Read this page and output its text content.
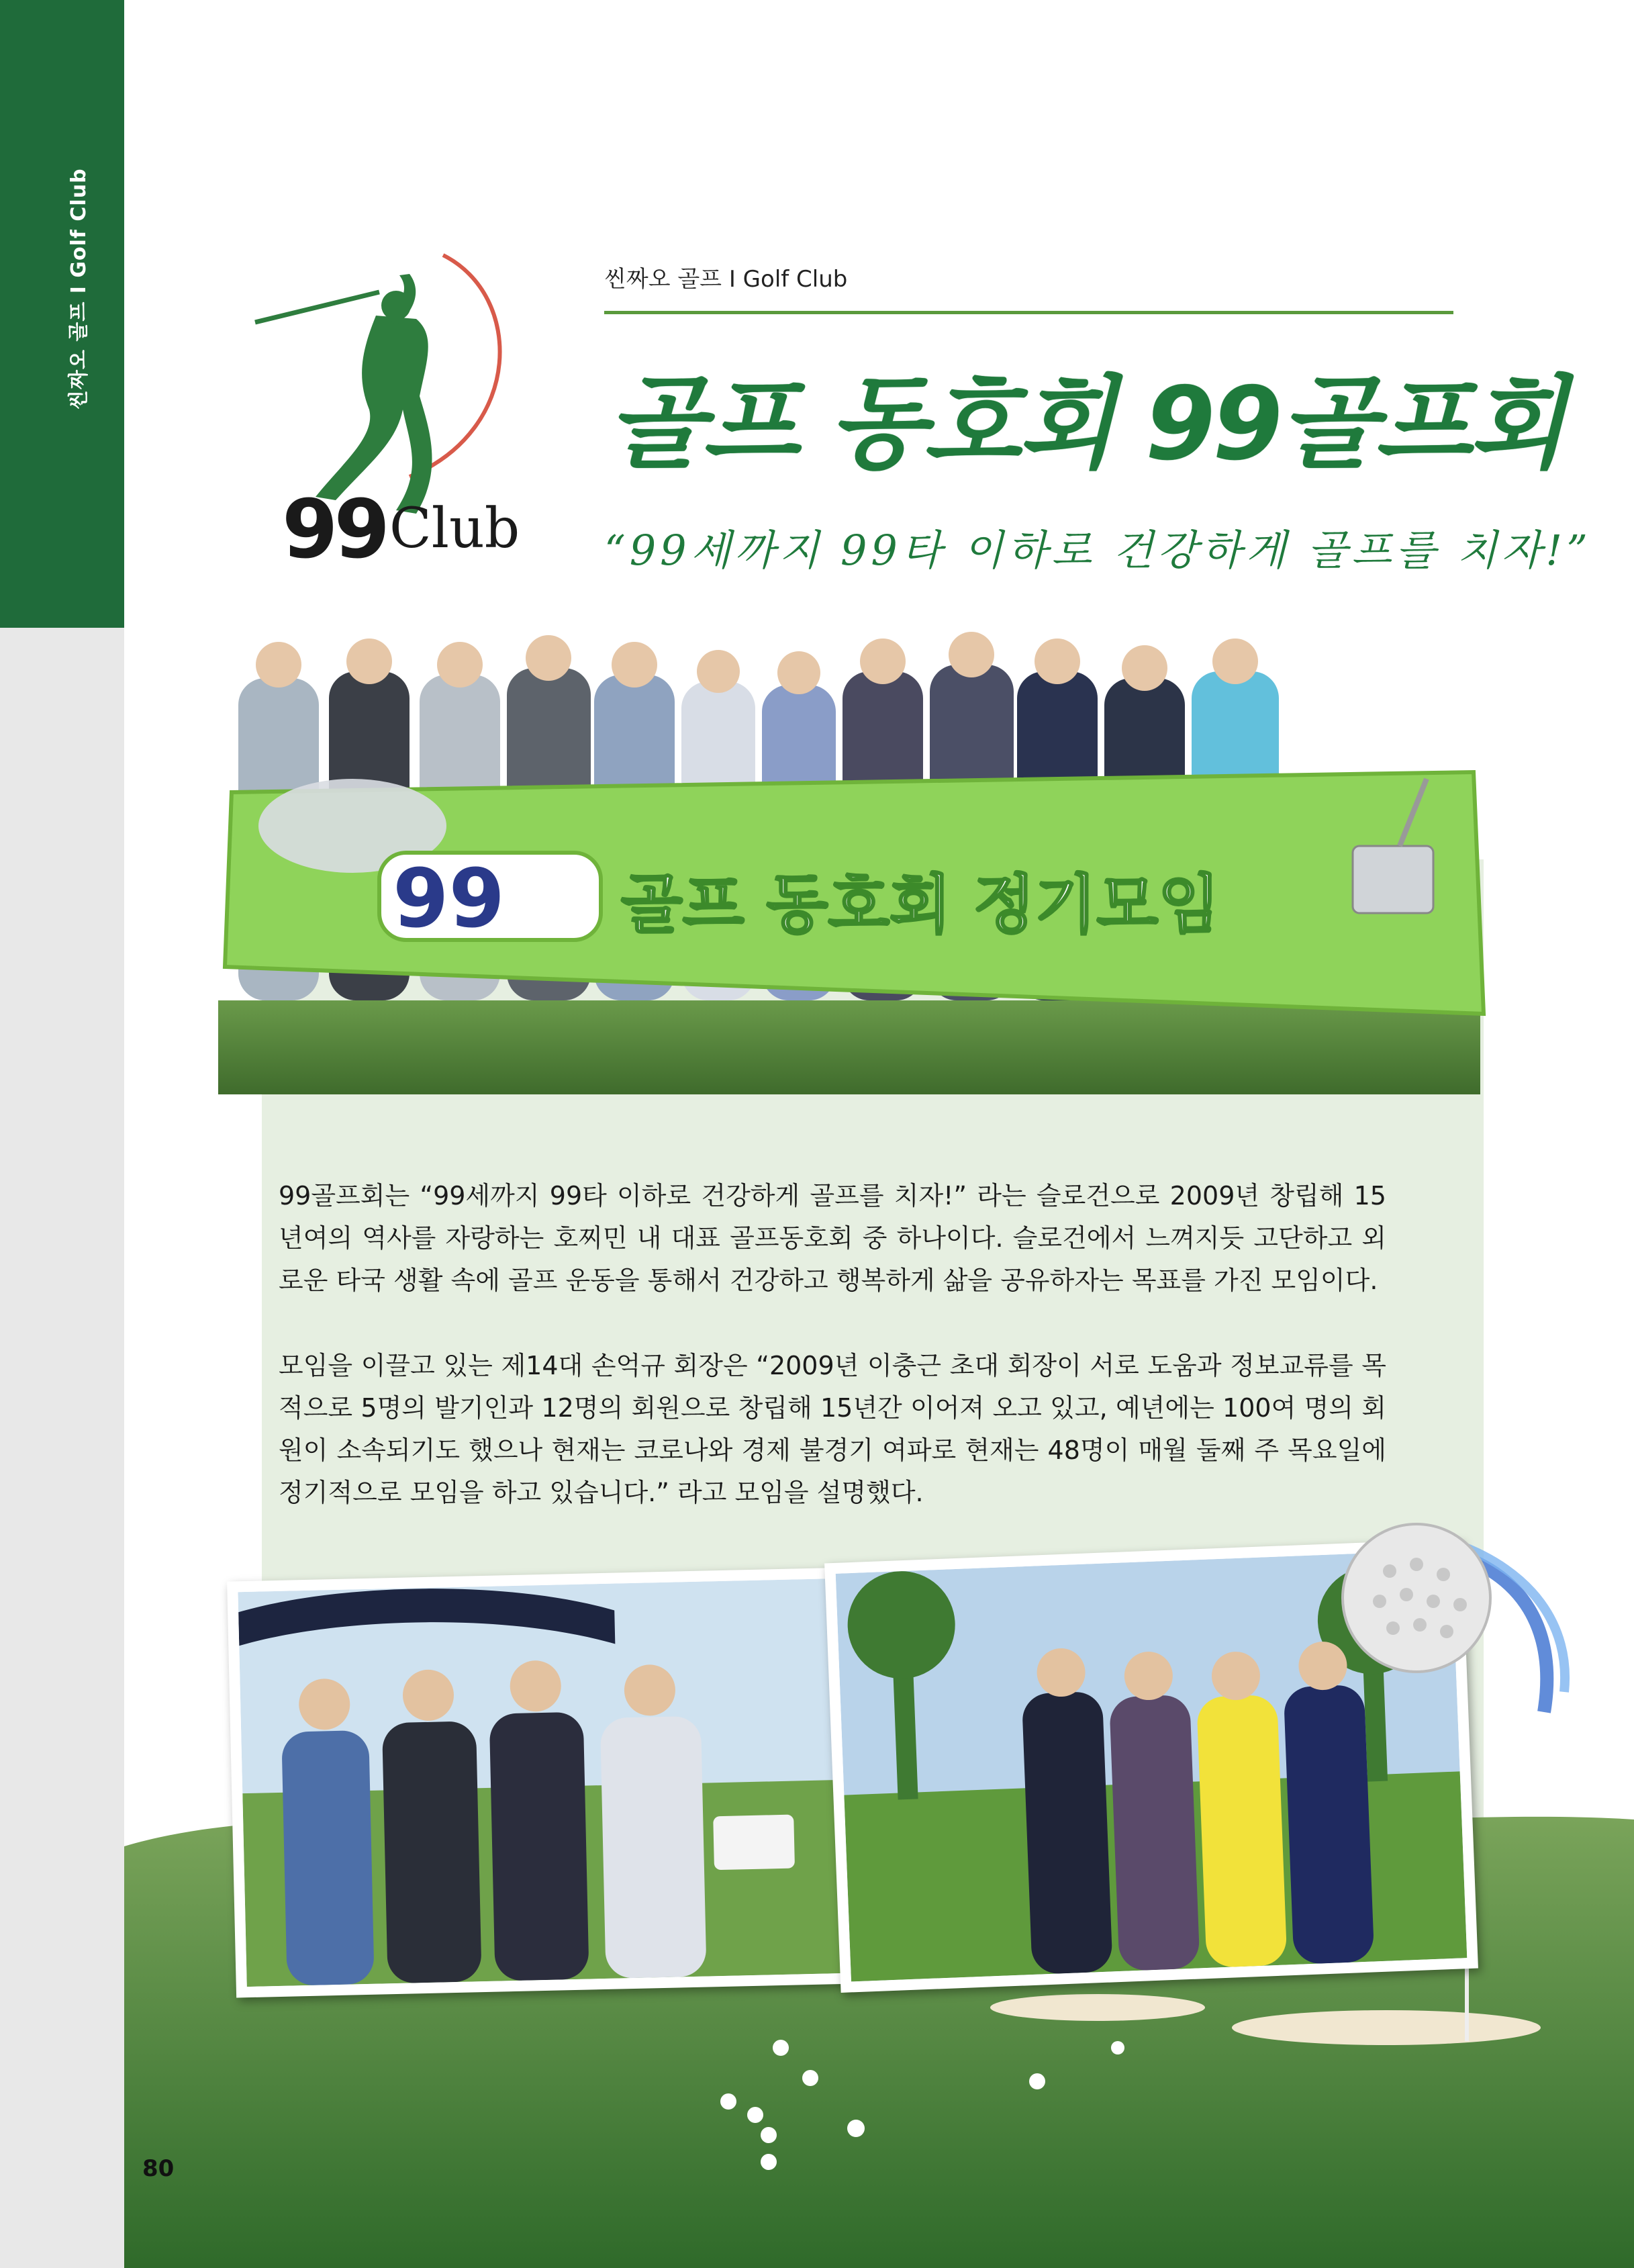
씬짜오 골프 I Golf Club
99 Club
씬짜오 골프 I Golf Club
골프 동호회 99골프회
“99세까지 99타 이하로 건강하게 골프를 치자!”
99 골프 동호회 정기모임

99골프회는 “99세까지 99타 이하로 건강하게 골프를 치자!” 라는 슬로건으로 2009년 창립해 15년여의 역사를 자랑하는 호찌민 내 대표 골프동호회 중 하나이다. 슬로건에서 느껴지듯 고단하고 외로운 타국 생활 속에 골프 운동을 통해서 건강하고 행복하게 삶을 공유하자는 목표를 가진 모임이다.

모임을 이끌고 있는 제14대 손억규 회장은 “2009년 이충근 초대 회장이 서로 도움과 정보교류를 목적으로 5명의 발기인과 12명의 회원으로 창립해 15년간 이어져 오고 있고, 예년에는 100여 명의 회원이 소속되기도 했으나 현재는 코로나와 경제 불경기 여파로 현재는 48명이 매월 둘째 주 목요일에 정기적으로 모임을 하고 있습니다.” 라고 모임을 설명했다.

80
